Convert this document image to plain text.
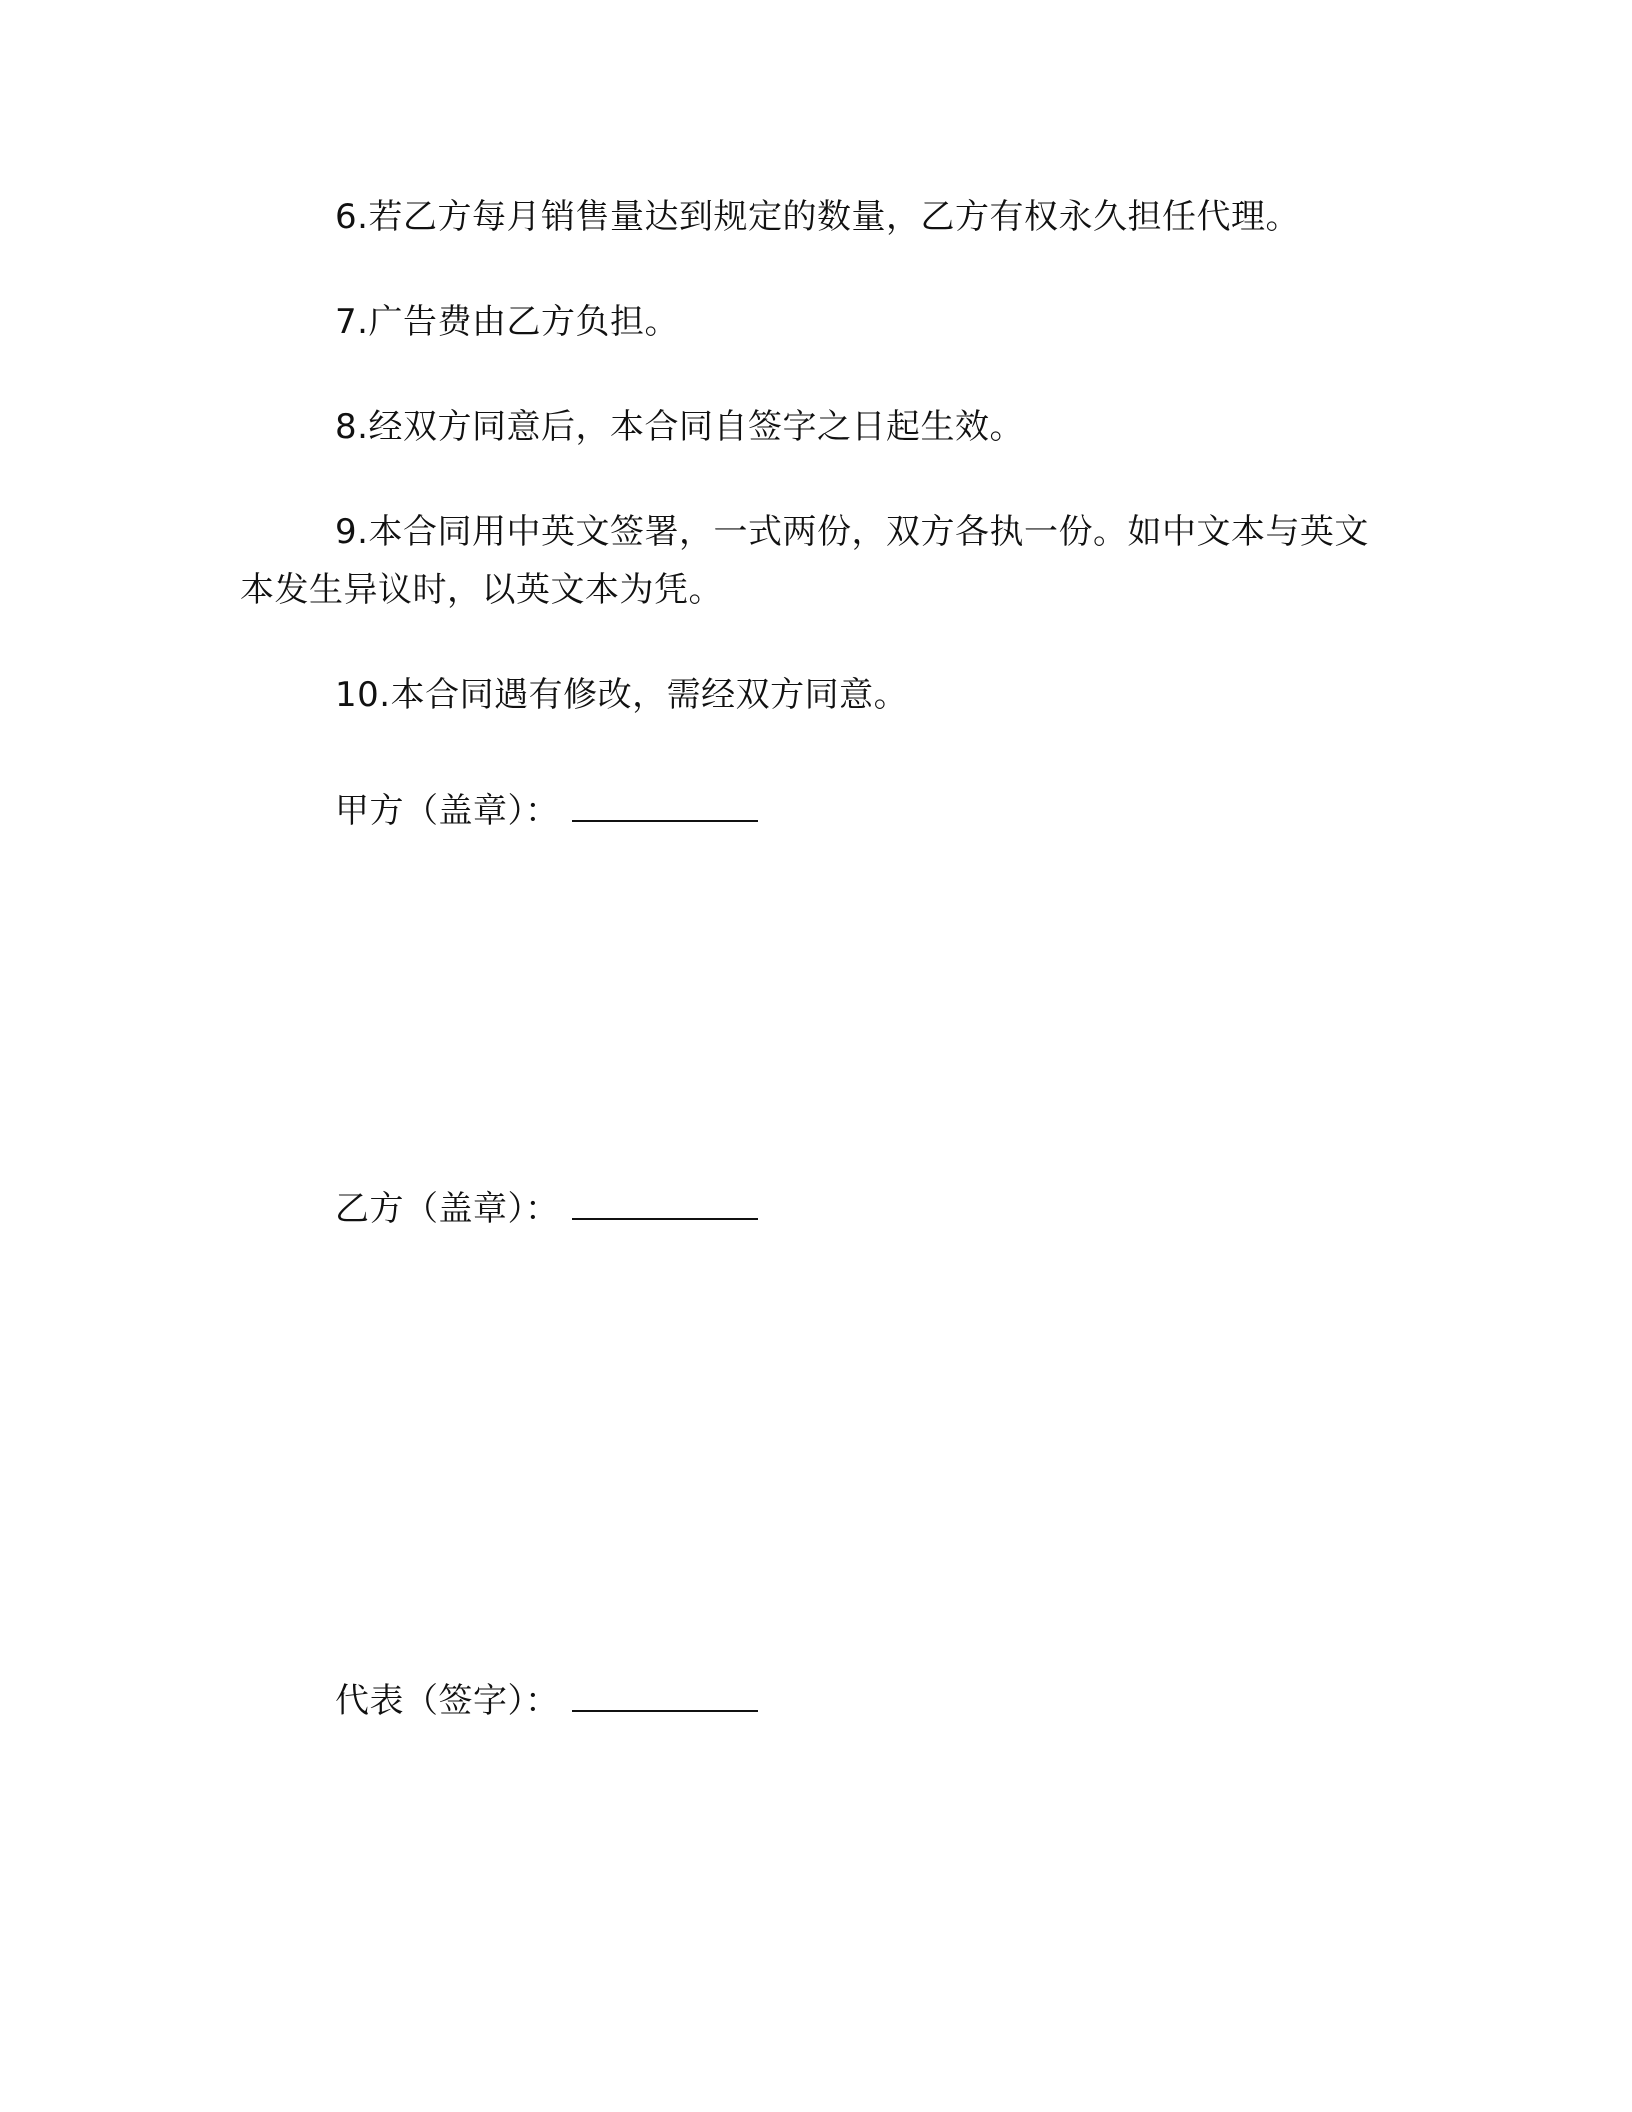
6.若乙方每月销售量达到规定的数量，乙方有权永久担任代理。

7.广告费由乙方负担。

8.经双方同意后，本合同自签字之日起生效。

9.本合同用中英文签署，一式两份，双方各执一份。如中文本与英文本发生异议时，以英文本为凭。

10.本合同遇有修改，需经双方同意。

甲方（盖章）：
乙方（盖章）：
代表（签字）：
